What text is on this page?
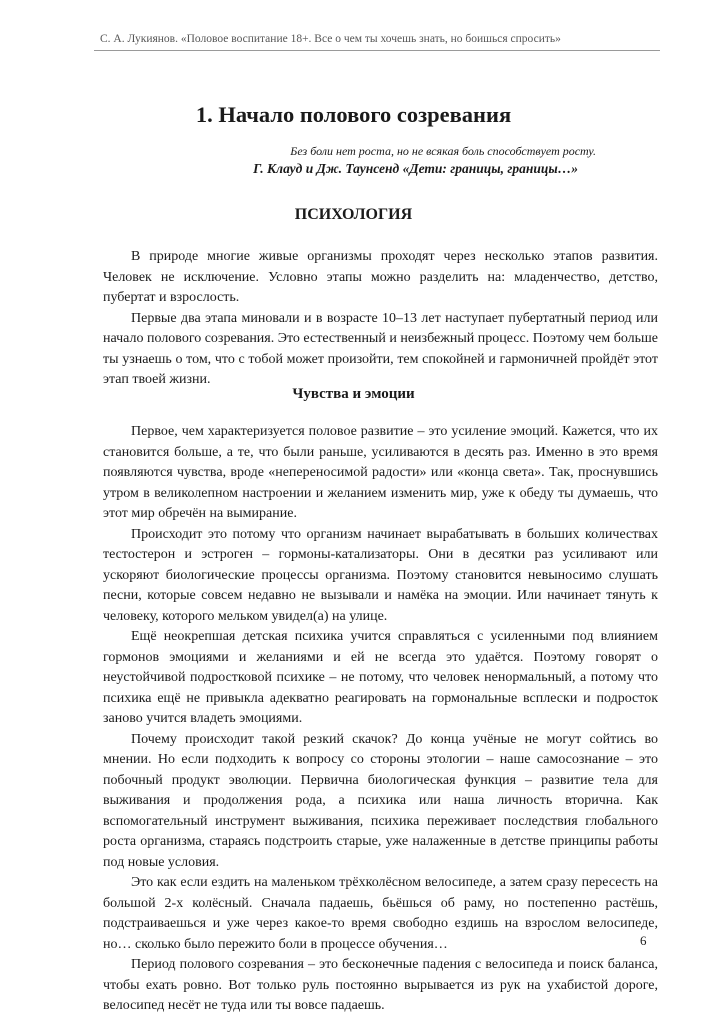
С. А. Лукиянов. «Половое воспитание 18+. Все о чем ты хочешь знать, но боишься спросить»
1. Начало полового созревания
Без боли нет роста, но не всякая боль способствует росту.
Г. Клауд и Дж. Таунсенд «Дети: границы, границы…»
ПСИХОЛОГИЯ

В природе многие живые организмы проходят через несколько этапов развития. Человек не исключение. Условно этапы можно разделить на: младенчество, детство, пубертат и взрослость.

Первые два этапа миновали и в возрасте 10–13 лет наступает пубертатный период или начало полового созревания. Это естественный и неизбежный процесс. Поэтому чем больше ты узнаешь о том, что с тобой может произойти, тем спокойней и гармоничней пройдёт этот этап твоей жизни.

Чувства и эмоции

Первое, чем характеризуется половое развитие – это усиление эмоций. Кажется, что их становится больше, а те, что были раньше, усиливаются в десять раз. Именно в это время появляются чувства, вроде «непереносимой радости» или «конца света». Так, проснувшись утром в великолепном настроении и желанием изменить мир, уже к обеду ты думаешь, что этот мир обречён на вымирание.

Происходит это потому что организм начинает вырабатывать в больших количествах тестостерон и эстроген – гормоны-катализаторы. Они в десятки раз усиливают или ускоряют биологические процессы организма. Поэтому становится невыносимо слушать песни, которые совсем недавно не вызывали и намёка на эмоции. Или начинает тянуть к человеку, которого мельком увидел(а) на улице.

Ещё неокрепшая детская психика учится справляться с усиленными под влиянием гормонов эмоциями и желаниями и ей не всегда это удаётся. Поэтому говорят о неустойчивой подростковой психике – не потому, что человек ненормальный, а потому что психика ещё не привыкла адекватно реагировать на гормональные всплески и подросток заново учится владеть эмоциями.

Почему происходит такой резкий скачок? До конца учёные не могут сойтись во мнении. Но если подходить к вопросу со стороны этологии – наше самосознание – это побочный продукт эволюции. Первична биологическая функция – развитие тела для выживания и продолжения рода, а психика или наша личность вторична. Как вспомогательный инструмент выживания, психика переживает последствия глобального роста организма, стараясь подстроить старые, уже налаженные в детстве принципы работы под новые условия.

Это как если ездить на маленьком трёхколёсном велосипеде, а затем сразу пересесть на большой 2-х колёсный. Сначала падаешь, бьёшься об раму, но постепенно растёшь, подстраиваешься и уже через какое-то время свободно ездишь на взрослом велосипеде, но… сколько было пережито боли в процессе обучения…

Период полового созревания – это бесконечные падения с велосипеда и поиск баланса, чтобы ехать ровно. Вот только руль постоянно вырывается из рук на ухабистой дороге, велосипед несёт не туда или ты вовсе падаешь.

6
